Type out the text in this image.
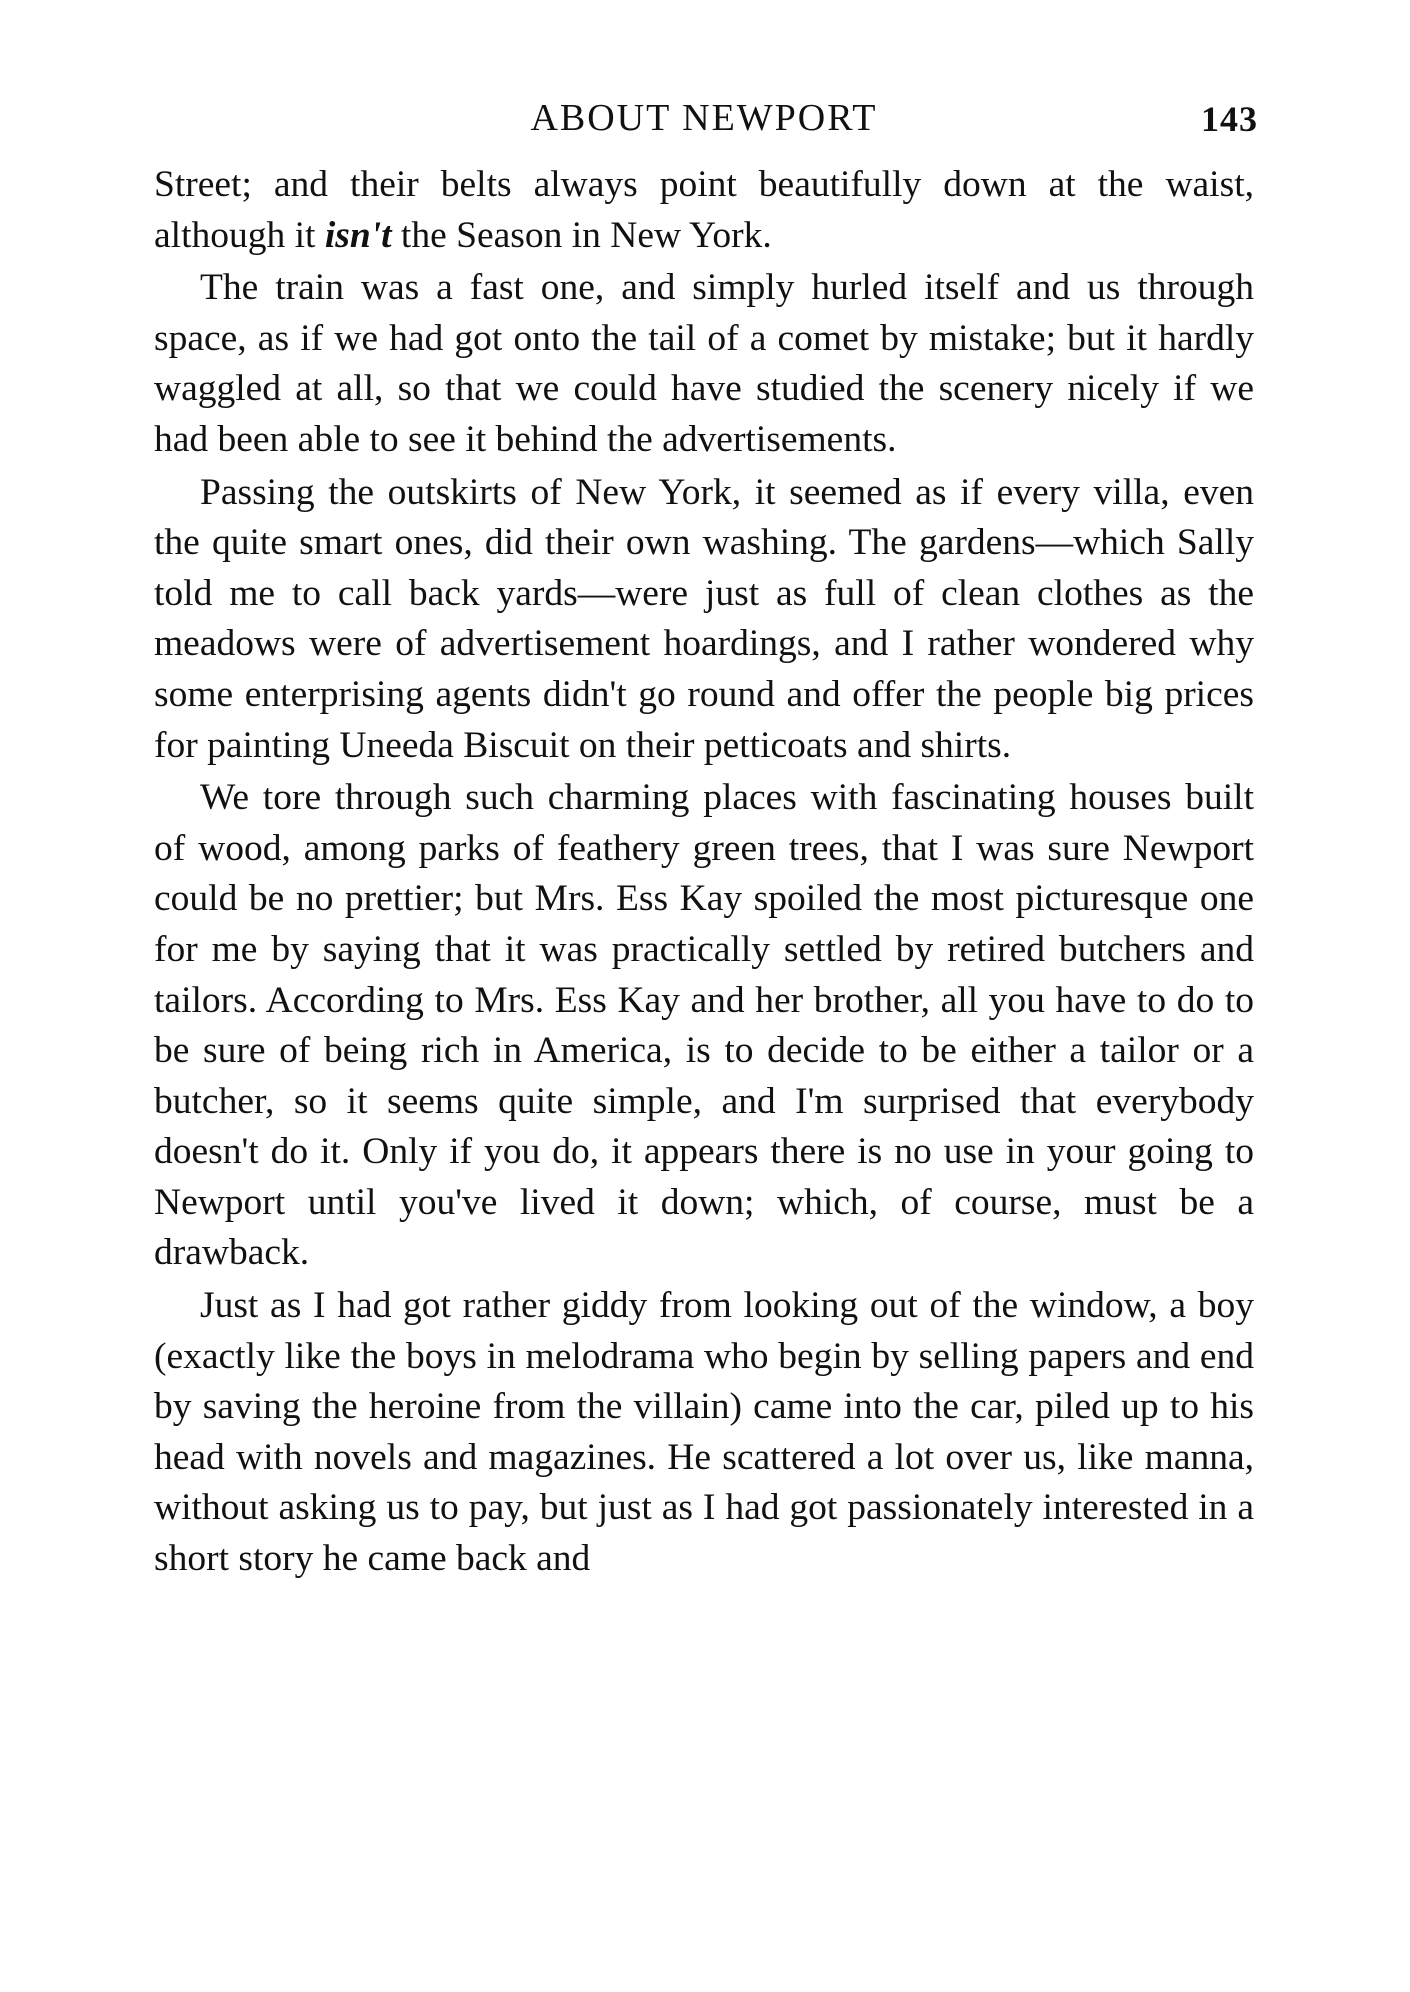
ABOUT NEWPORT	143

Street; and their belts always point beautifully down at the waist, although it isn't the Season in New York.

The train was a fast one, and simply hurled itself and us through space, as if we had got onto the tail of a comet by mistake; but it hardly waggled at all, so that we could have studied the scenery nicely if we had been able to see it behind the advertisements.

Passing the outskirts of New York, it seemed as if every villa, even the quite smart ones, did their own washing. The gardens—which Sally told me to call back yards—were just as full of clean clothes as the meadows were of advertisement hoardings, and I rather wondered why some enterprising agents didn't go round and offer the people big prices for painting Uneeda Biscuit on their petticoats and shirts.

We tore through such charming places with fascinating houses built of wood, among parks of feathery green trees, that I was sure Newport could be no prettier; but Mrs. Ess Kay spoiled the most picturesque one for me by saying that it was practically settled by retired butchers and tailors. According to Mrs. Ess Kay and her brother, all you have to do to be sure of being rich in America, is to decide to be either a tailor or a butcher, so it seems quite simple, and I'm surprised that everybody doesn't do it. Only if you do, it appears there is no use in your going to Newport until you've lived it down; which, of course, must be a drawback.

Just as I had got rather giddy from looking out of the window, a boy (exactly like the boys in melodrama who begin by selling papers and end by saving the heroine from the villain) came into the car, piled up to his head with novels and magazines. He scattered a lot over us, like manna, without asking us to pay, but just as I had got passionately interested in a short story he came back and
